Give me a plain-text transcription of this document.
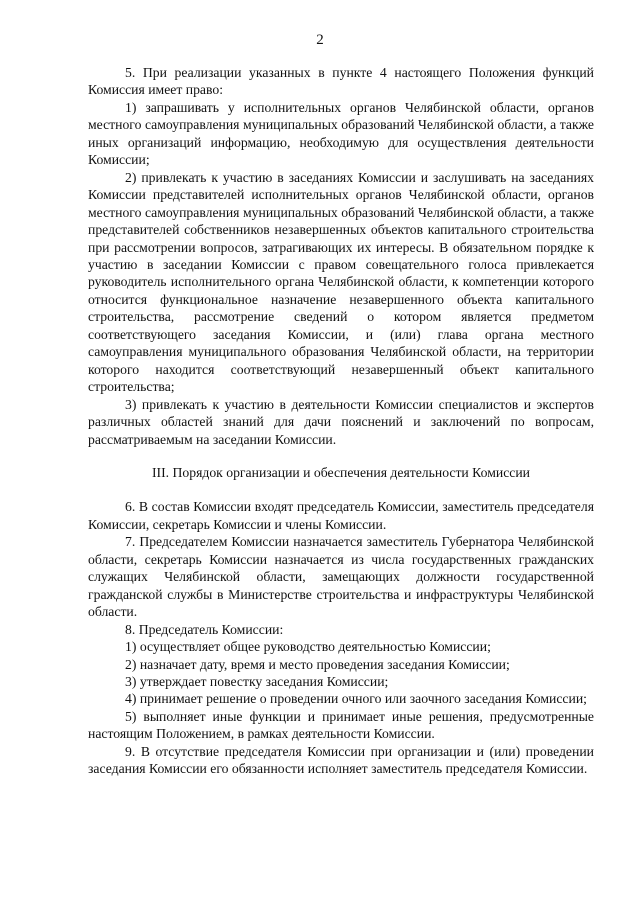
2

5. При реализации указанных в пункте 4 настоящего Положения функций Комиссия имеет право:

1) запрашивать у исполнительных органов Челябинской области, органов местного самоуправления муниципальных образований Челябинской области, а также иных организаций информацию, необходимую для осуществления деятельности Комиссии;

2) привлекать к участию в заседаниях Комиссии и заслушивать на заседаниях Комиссии представителей исполнительных органов Челябинской области, органов местного самоуправления муниципальных образований Челябинской области, а также представителей собственников незавершенных объектов капитального строительства при рассмотрении вопросов, затрагивающих их интересы. В обязательном порядке к участию в заседании Комиссии с правом совещательного голоса привлекается руководитель исполнительного органа Челябинской области, к компетенции которого относится функциональное назначение незавершенного объекта капитального строительства, рассмотрение сведений о котором является предметом соответствующего заседания Комиссии, и (или) глава органа местного самоуправления муниципального образования Челябинской области, на территории которого находится соответствующий незавершенный объект капитального строительства;

3) привлекать к участию в деятельности Комиссии специалистов и экспертов различных областей знаний для дачи пояснений и заключений по вопросам, рассматриваемым на заседании Комиссии.

III. Порядок организации и обеспечения деятельности Комиссии

6. В состав Комиссии входят председатель Комиссии, заместитель председателя Комиссии, секретарь Комиссии и члены Комиссии.

7. Председателем Комиссии назначается заместитель Губернатора Челябинской области, секретарь Комиссии назначается из числа государственных гражданских служащих Челябинской области, замещающих должности государственной гражданской службы в Министерстве строительства и инфраструктуры Челябинской области.

8. Председатель Комиссии:

1) осуществляет общее руководство деятельностью Комиссии;

2) назначает дату, время и место проведения заседания Комиссии;

3) утверждает повестку заседания Комиссии;

4) принимает решение о проведении очного или заочного заседания Комиссии;

5) выполняет иные функции и принимает иные решения, предусмотренные настоящим Положением, в рамках деятельности Комиссии.

9. В отсутствие председателя Комиссии при организации и (или) проведении заседания Комиссии его обязанности исполняет заместитель председателя Комиссии.
